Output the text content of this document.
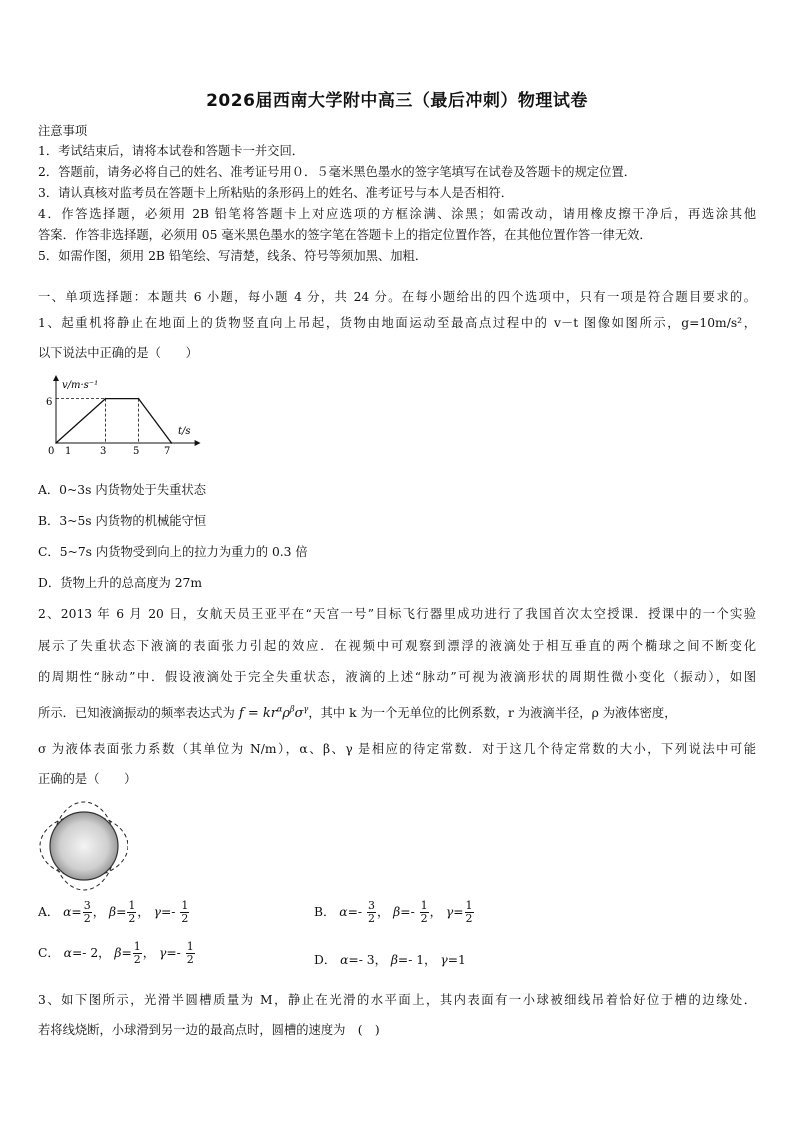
2026届西南大学附中高三（最后冲刺）物理试卷
注意事项
1．考试结束后，请将本试卷和答题卡一并交回．
2．答题前，请务必将自己的姓名、准考证号用０．５毫米黑色墨水的签字笔填写在试卷及答题卡的规定位置．
3．请认真核对监考员在答题卡上所粘贴的条形码上的姓名、准考证号与本人是否相符．
4．作答选择题，必须用 2B 铅笔将答题卡上对应选项的方框涂满、涂黑；如需改动，请用橡皮擦干净后，再选涂其他
答案．作答非选择题，必须用 05 毫米黑色墨水的签字笔在答题卡上的指定位置作答，在其他位置作答一律无效．
5．如需作图，须用 2B 铅笔绘、写清楚，线条、符号等须加黑、加粗．
一、单项选择题：本题共 6 小题，每小题 4 分，共 24 分。在每小题给出的四个选项中，只有一项是符合题目要求的。
1、起重机将静止在地面上的货物竖直向上吊起，货物由地面运动至最高点过程中的 v－t 图像如图所示，g=10m/s²，
以下说法中正确的是（　　）
v/m·s⁻¹
t/s
6
0 1	3	5 7
A．0~3s 内货物处于失重状态
B．3~5s 内货物的机械能守恒
C．5~7s 内货物受到向上的拉力为重力的 0.3 倍
D．货物上升的总高度为 27m
2、2013 年 6 月 20 日，女航天员王亚平在“天宫一号”目标飞行器里成功进行了我国首次太空授课．授课中的一个实验
展示了失重状态下液滴的表面张力引起的效应．在视频中可观察到漂浮的液滴处于相互垂直的两个椭球之间不断变化
的周期性“脉动”中．假设液滴处于完全失重状态，液滴的上述“脉动”可视为液滴形状的周期性微小变化（振动），如图
所示．已知液滴振动的频率表达式为 $f = kr^\alpha\rho^\beta\sigma^\gamma$，其中 k 为一个无单位的比例系数，r 为液滴半径，ρ 为液体密度，
σ 为液体表面张力系数（其单位为 N/m），α、β、γ 是相应的待定常数．对于这几个待定常数的大小，下列说法中可能
正确的是（　　）
A． $\alpha= \frac{3}{2}$ ， $\beta= \frac{1}{2}$ ， $\gamma=- \frac{1}{2}$	B． $\alpha=- \frac{3}{2}$ ， $\beta=- \frac{1}{2}$ ， $\gamma= \frac{1}{2}$
C． α=- 2， $\beta= \frac{1}{2}$ ， $\gamma=- \frac{1}{2}$	D． α=- 3， β=- 1， γ=1
3、如下图所示，光滑半圆槽质量为 M，静止在光滑的水平面上，其内表面有一小球被细线吊着恰好位于槽的边缘处．
若将线烧断，小球滑到另一边的最高点时，圆槽的速度为　(　)
